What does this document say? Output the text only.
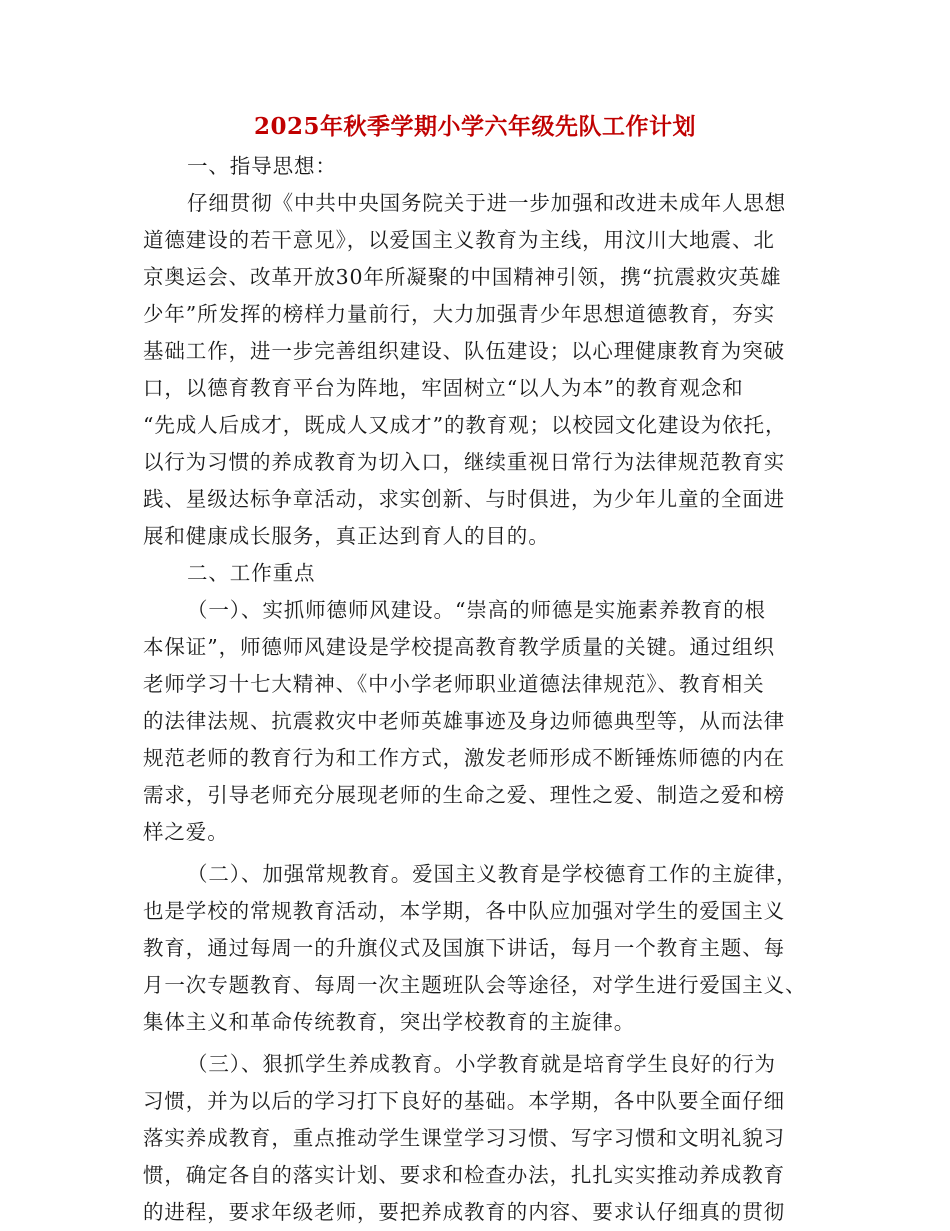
2025年秋季学期小学六年级先队工作计划
一、指导思想：
仔细贯彻《中共中央国务院关于进一步加强和改进未成年人思想
道德建设的若干意见》，以爱国主义教育为主线，用汶川大地震、北
京奥运会、改革开放30年所凝聚的中国精神引领，携“抗震救灾英雄
少年”所发挥的榜样力量前行，大力加强青少年思想道德教育，夯实
基础工作，进一步完善组织建设、队伍建设；以心理健康教育为突破
口，以德育教育平台为阵地，牢固树立“以人为本”的教育观念和
“先成人后成才，既成人又成才”的教育观；以校园文化建设为依托，
以行为习惯的养成教育为切入口，继续重视日常行为法律规范教育实
践、星级达标争章活动，求实创新、与时俱进，为少年儿童的全面进
展和健康成长服务，真正达到育人的目的。
二、工作重点
（一）、实抓师德师风建设。“崇高的师德是实施素养教育的根
本保证”，师德师风建设是学校提高教育教学质量的关键。通过组织
老师学习十七大精神、《中小学老师职业道德法律规范》、教育相关
的法律法规、抗震救灾中老师英雄事迹及身边师德典型等，从而法律
规范老师的教育行为和工作方式，激发老师形成不断锤炼师德的内在
需求，引导老师充分展现老师的生命之爱、理性之爱、制造之爱和榜
样之爱。
（二）、加强常规教育。爱国主义教育是学校德育工作的主旋律，
也是学校的常规教育活动，本学期，各中队应加强对学生的爱国主义
教育，通过每周一的升旗仪式及国旗下讲话，每月一个教育主题、每
月一次专题教育、每周一次主题班队会等途径，对学生进行爱国主义、
集体主义和革命传统教育，突出学校教育的主旋律。
（三）、狠抓学生养成教育。小学教育就是培育学生良好的行为
习惯，并为以后的学习打下良好的基础。本学期，各中队要全面仔细
落实养成教育，重点推动学生课堂学习习惯、写字习惯和文明礼貌习
惯，确定各自的落实计划、要求和检查办法，扎扎实实推动养成教育
的进程，要求年级老师，要把养成教育的内容、要求认仔细真的贯彻
